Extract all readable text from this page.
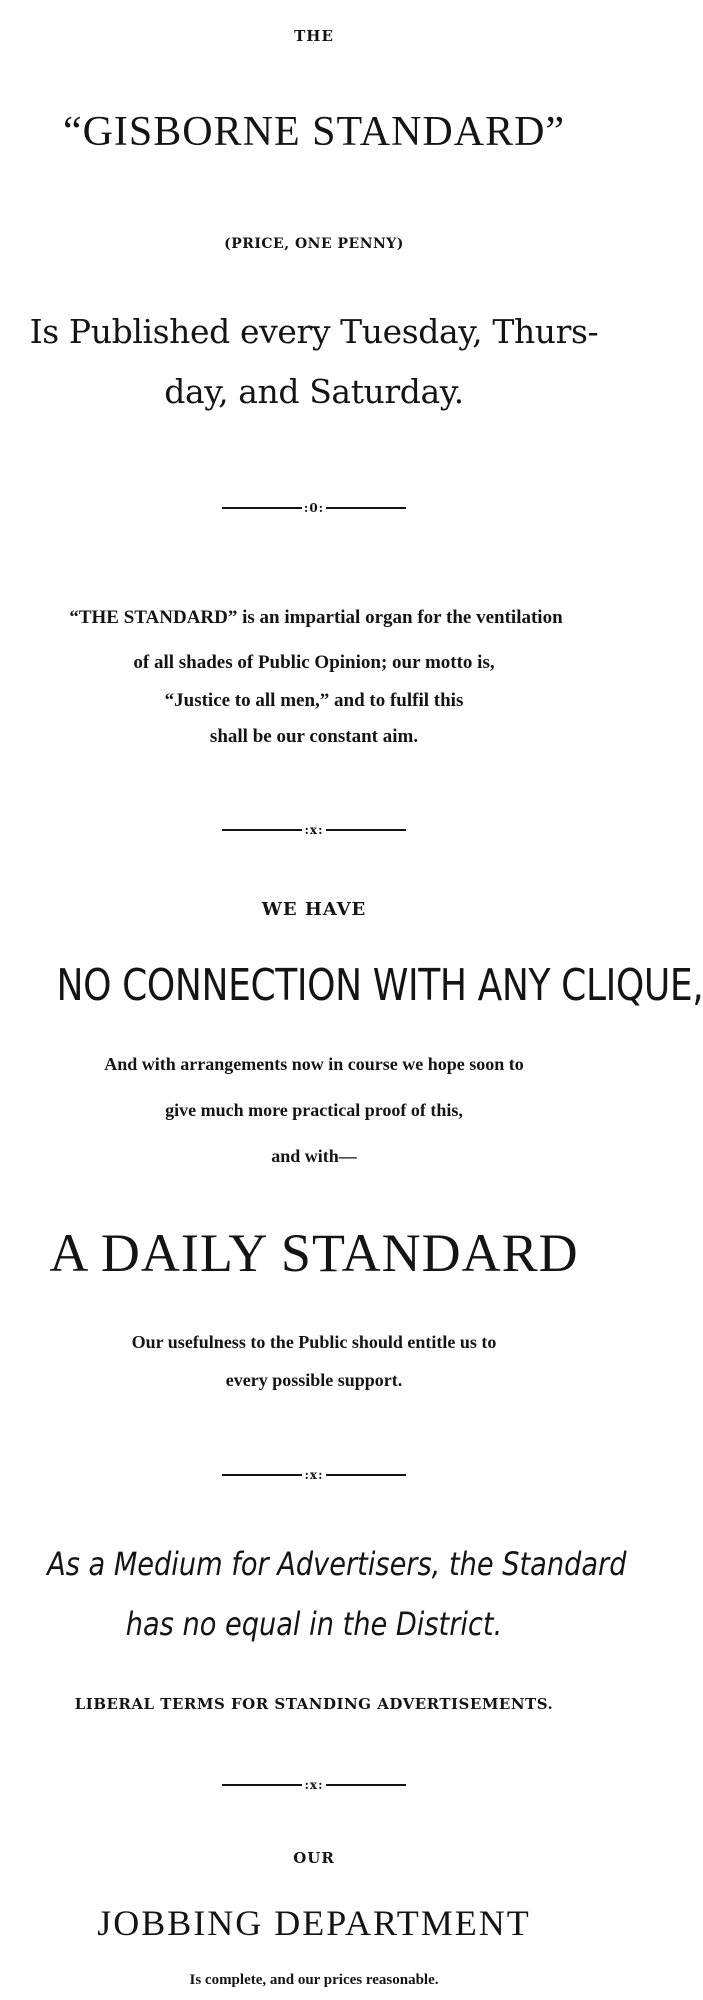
THE
“GISBORNE STANDARD”
(PRICE, ONE PENNY)
Is Published every Tuesday, Thurs-
day, and Saturday.
:0:
“THE STANDARD” is an impartial organ for the ventilation
of all shades of Public Opinion; our motto is,
“Justice to all men,” and to fulfil this
shall be our constant aim.
:x:
WE HAVE
NO CONNECTION WITH ANY CLIQUE,
And with arrangements now in course we hope soon to
give much more practical proof of this,
and with—
A DAILY STANDARD
Our usefulness to the Public should entitle us to
every possible support.
:x:
As a Medium for Advertisers, the Standard
has no equal in the District.
LIBERAL TERMS FOR STANDING ADVERTISEMENTS.
:x:
OUR
JOBBING DEPARTMENT
Is complete, and our prices reasonable.
